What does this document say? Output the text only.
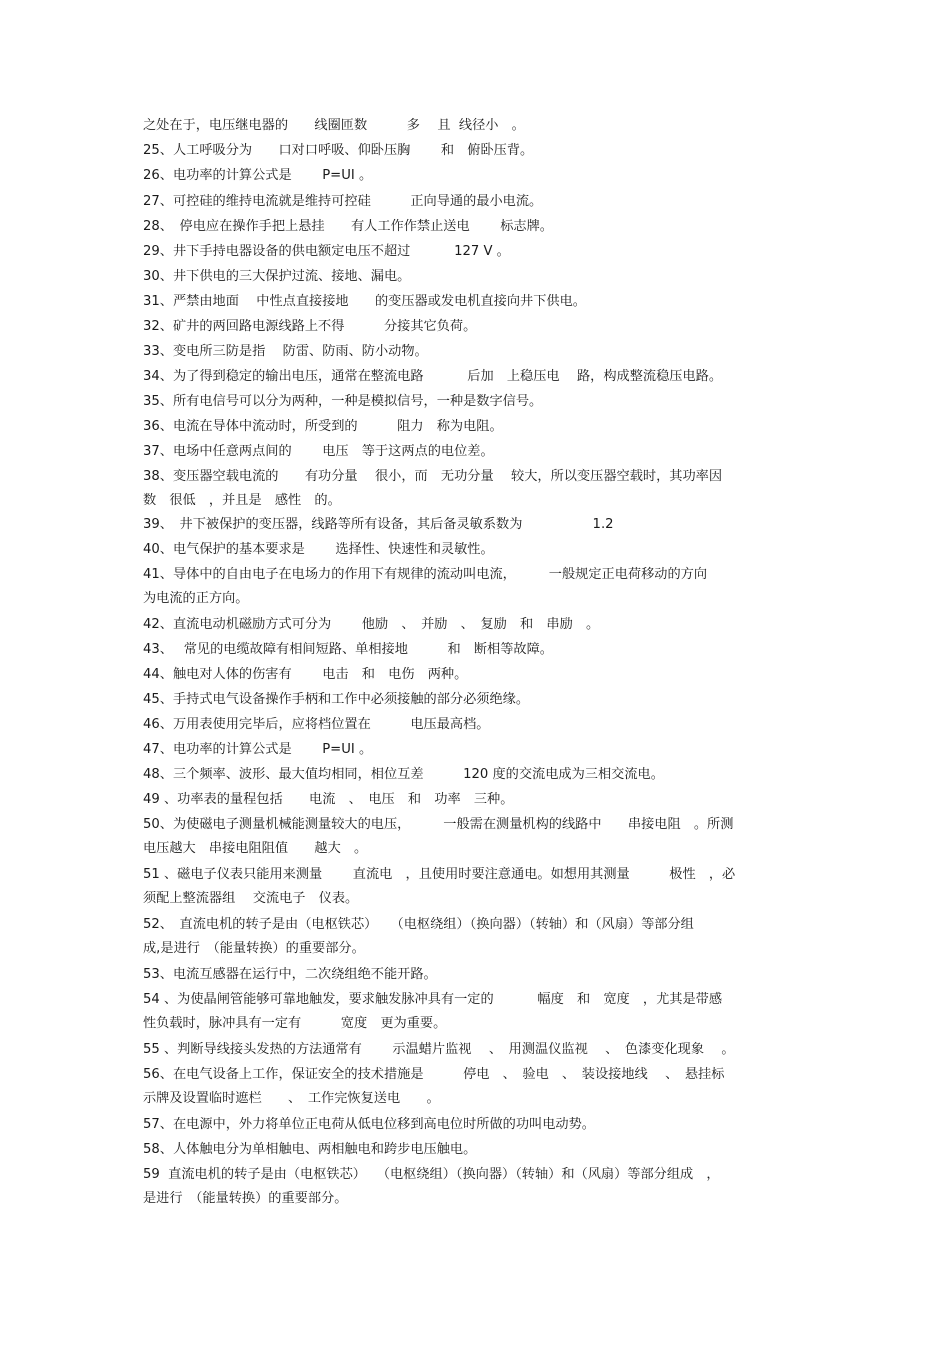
之处在于，电压继电器的　　线圈匝数　　　多　 且  线径小　。
25、人工呼吸分为　　口对口呼吸、仰卧压胸　　 和　俯卧压背。
26、电功率的计算公式是　　 P=UI 。
27、可控硅的维持电流就是维持可控硅　　　正向导通的最小电流。
28、　停电应在操作手把上悬挂　　有人工作作禁止送电　　 标志牌。
29、井下手持电器设备的供电额定电压不超过　　　 127 V 。
30、井下供电的三大保护过流、接地、漏电。
31、严禁由地面　 中性点直接接地　　的变压器或发电机直接向井下供电。
32、矿井的两回路电源线路上不得　　　分接其它负荷。
33、变电所三防是指　 防雷、防雨、防小动物。
34、为了得到稳定的输出电压，通常在整流电路　　　 后加　上稳压电　 路，构成整流稳压电路。
35、所有电信号可以分为两种，一种是模拟信号，一种是数字信号。
36、电流在导体中流动时，所受到的　　　阻力　称为电阻。
37、电场中任意两点间的　　 电压　等于这两点的电位差。
38、变压器空载电流的　　有功分量　 很小，而　无功分量　 较大，所以变压器空载时，其功率因
数　很低　，并且是　感性　的。
39、　井下被保护的变压器，线路等所有设备，其后备灵敏系数为　　　　　 1.2
40、电气保护的基本要求是　　 选择性、快速性和灵敏性。
41、导体中的自由电子在电场力的作用下有规律的流动叫电流，　　　一般规定正电荷移动的方向
为电流的正方向。
42、直流电动机磁励方式可分为　　 他励　、　并励　、　复励　和　串励　。
43、　 常见的电缆故障有相间短路、单相接地　　　和　断相等故障。
44、触电对人体的伤害有　　 电击　和　电伤　两种。
45、手持式电气设备操作手柄和工作中必须接触的部分必须绝缘。
46、万用表使用完毕后，应将档位置在　　　电压最高档。
47、电功率的计算公式是　　 P=UI 。
48、三个频率、波形、最大值均相同，相位互差　　　120 度的交流电成为三相交流电。
49 、功率表的量程包括　　电流　、　电压　和　功率　三种。
50、为使磁电子测量机械能测量较大的电压，　　　一般需在测量机构的线路中　　串接电阻　。所测
电压越大　串接电阻阻值　　越大　。
51 、磁电子仪表只能用来测量　　 直流电　，且使用时要注意通电。如想用其测量　　　极性　，必
须配上整流器组　 交流电子　仪表。
52、　直流电机的转子是由（电枢铁芯）　　（电枢绕组）（换向器）（转轴）和（风扇）等部分组
成,是进行　（能量转换）的重要部分。
53、电流互感器在运行中，二次绕组绝不能开路。
54 、为使晶闸管能够可靠地触发，要求触发脉冲具有一定的　　　 幅度　和　宽度　，尤其是带感
性负载时，脉冲具有一定有　　　宽度　更为重要。
55 、判断导线接头发热的方法通常有　　 示温蜡片监视　 、　用测温仪监视　 、　色漆变化现象　 。
56、在电气设备上工作，保证安全的技术措施是　　　停电　、　验电　、　装设接地线　 、　悬挂标
示牌及设置临时遮栏　　、　工作完恢复送电　　。
57、在电源中，外力将单位正电荷从低电位移到高电位时所做的功叫电动势。
58、人体触电分为单相触电、两相触电和跨步电压触电。
59  直流电机的转子是由（电枢铁芯）　 （电枢绕组）（换向器）（转轴）和（风扇）等部分组成　，
是进行　（能量转换）的重要部分。
